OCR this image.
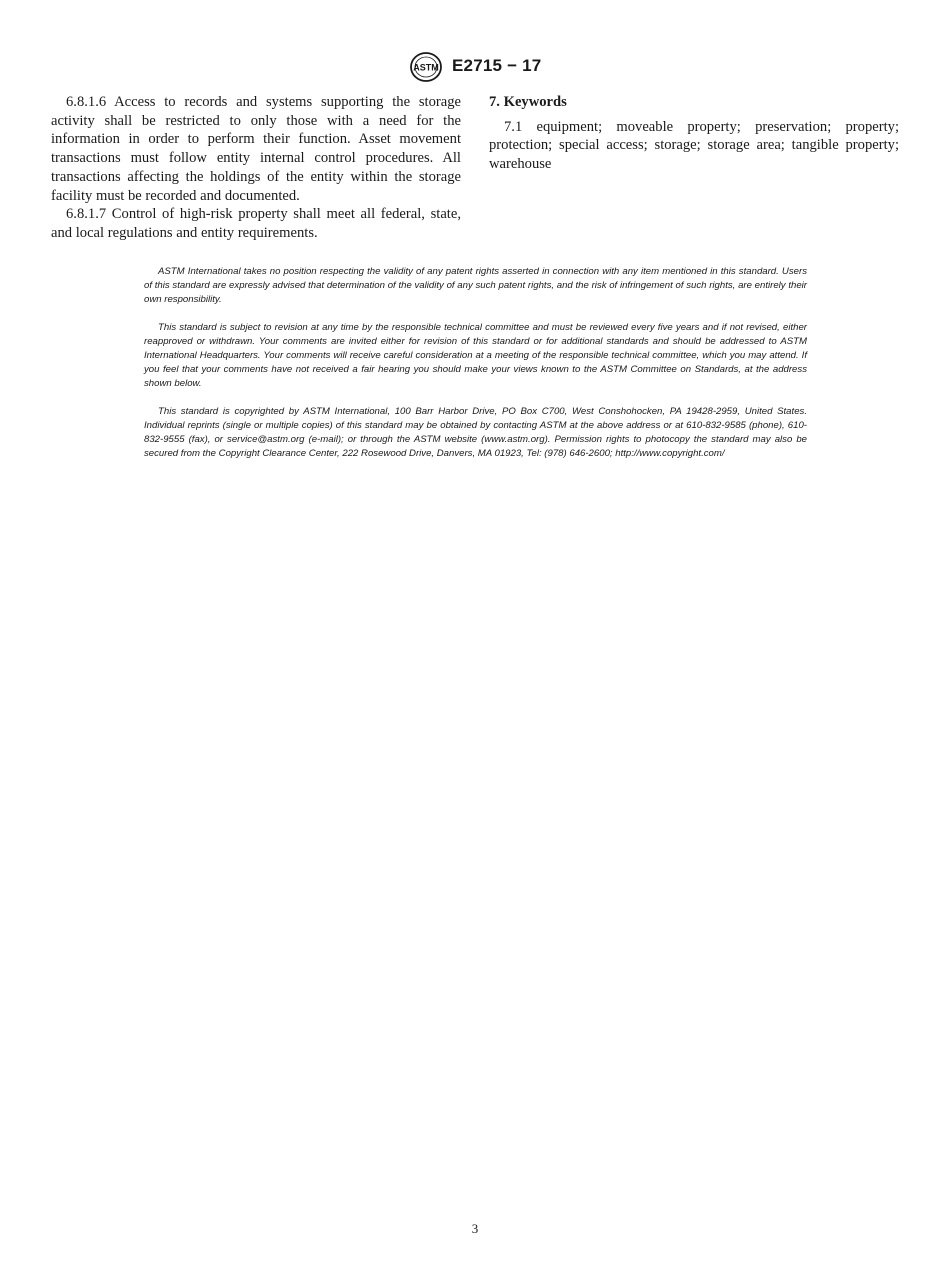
ASTM E2715 − 17

6.8.1.6 Access to records and systems supporting the storage activity shall be restricted to only those with a need for the information in order to perform their function. Asset movement transactions must follow entity internal control procedures. All transactions affecting the holdings of the entity within the storage facility must be recorded and documented.

6.8.1.7 Control of high-risk property shall meet all federal, state, and local regulations and entity requirements.

7. Keywords

7.1 equipment; moveable property; preservation; property; protection; special access; storage; storage area; tangible property; warehouse

ASTM International takes no position respecting the validity of any patent rights asserted in connection with any item mentioned in this standard. Users of this standard are expressly advised that determination of the validity of any such patent rights, and the risk of infringement of such rights, are entirely their own responsibility.

This standard is subject to revision at any time by the responsible technical committee and must be reviewed every five years and if not revised, either reapproved or withdrawn. Your comments are invited either for revision of this standard or for additional standards and should be addressed to ASTM International Headquarters. Your comments will receive careful consideration at a meeting of the responsible technical committee, which you may attend. If you feel that your comments have not received a fair hearing you should make your views known to the ASTM Committee on Standards, at the address shown below.

This standard is copyrighted by ASTM International, 100 Barr Harbor Drive, PO Box C700, West Conshohocken, PA 19428-2959, United States. Individual reprints (single or multiple copies) of this standard may be obtained by contacting ASTM at the above address or at 610-832-9585 (phone), 610-832-9555 (fax), or service@astm.org (e-mail); or through the ASTM website (www.astm.org). Permission rights to photocopy the standard may also be secured from the Copyright Clearance Center, 222 Rosewood Drive, Danvers, MA 01923, Tel: (978) 646-2600; http://www.copyright.com/

3
